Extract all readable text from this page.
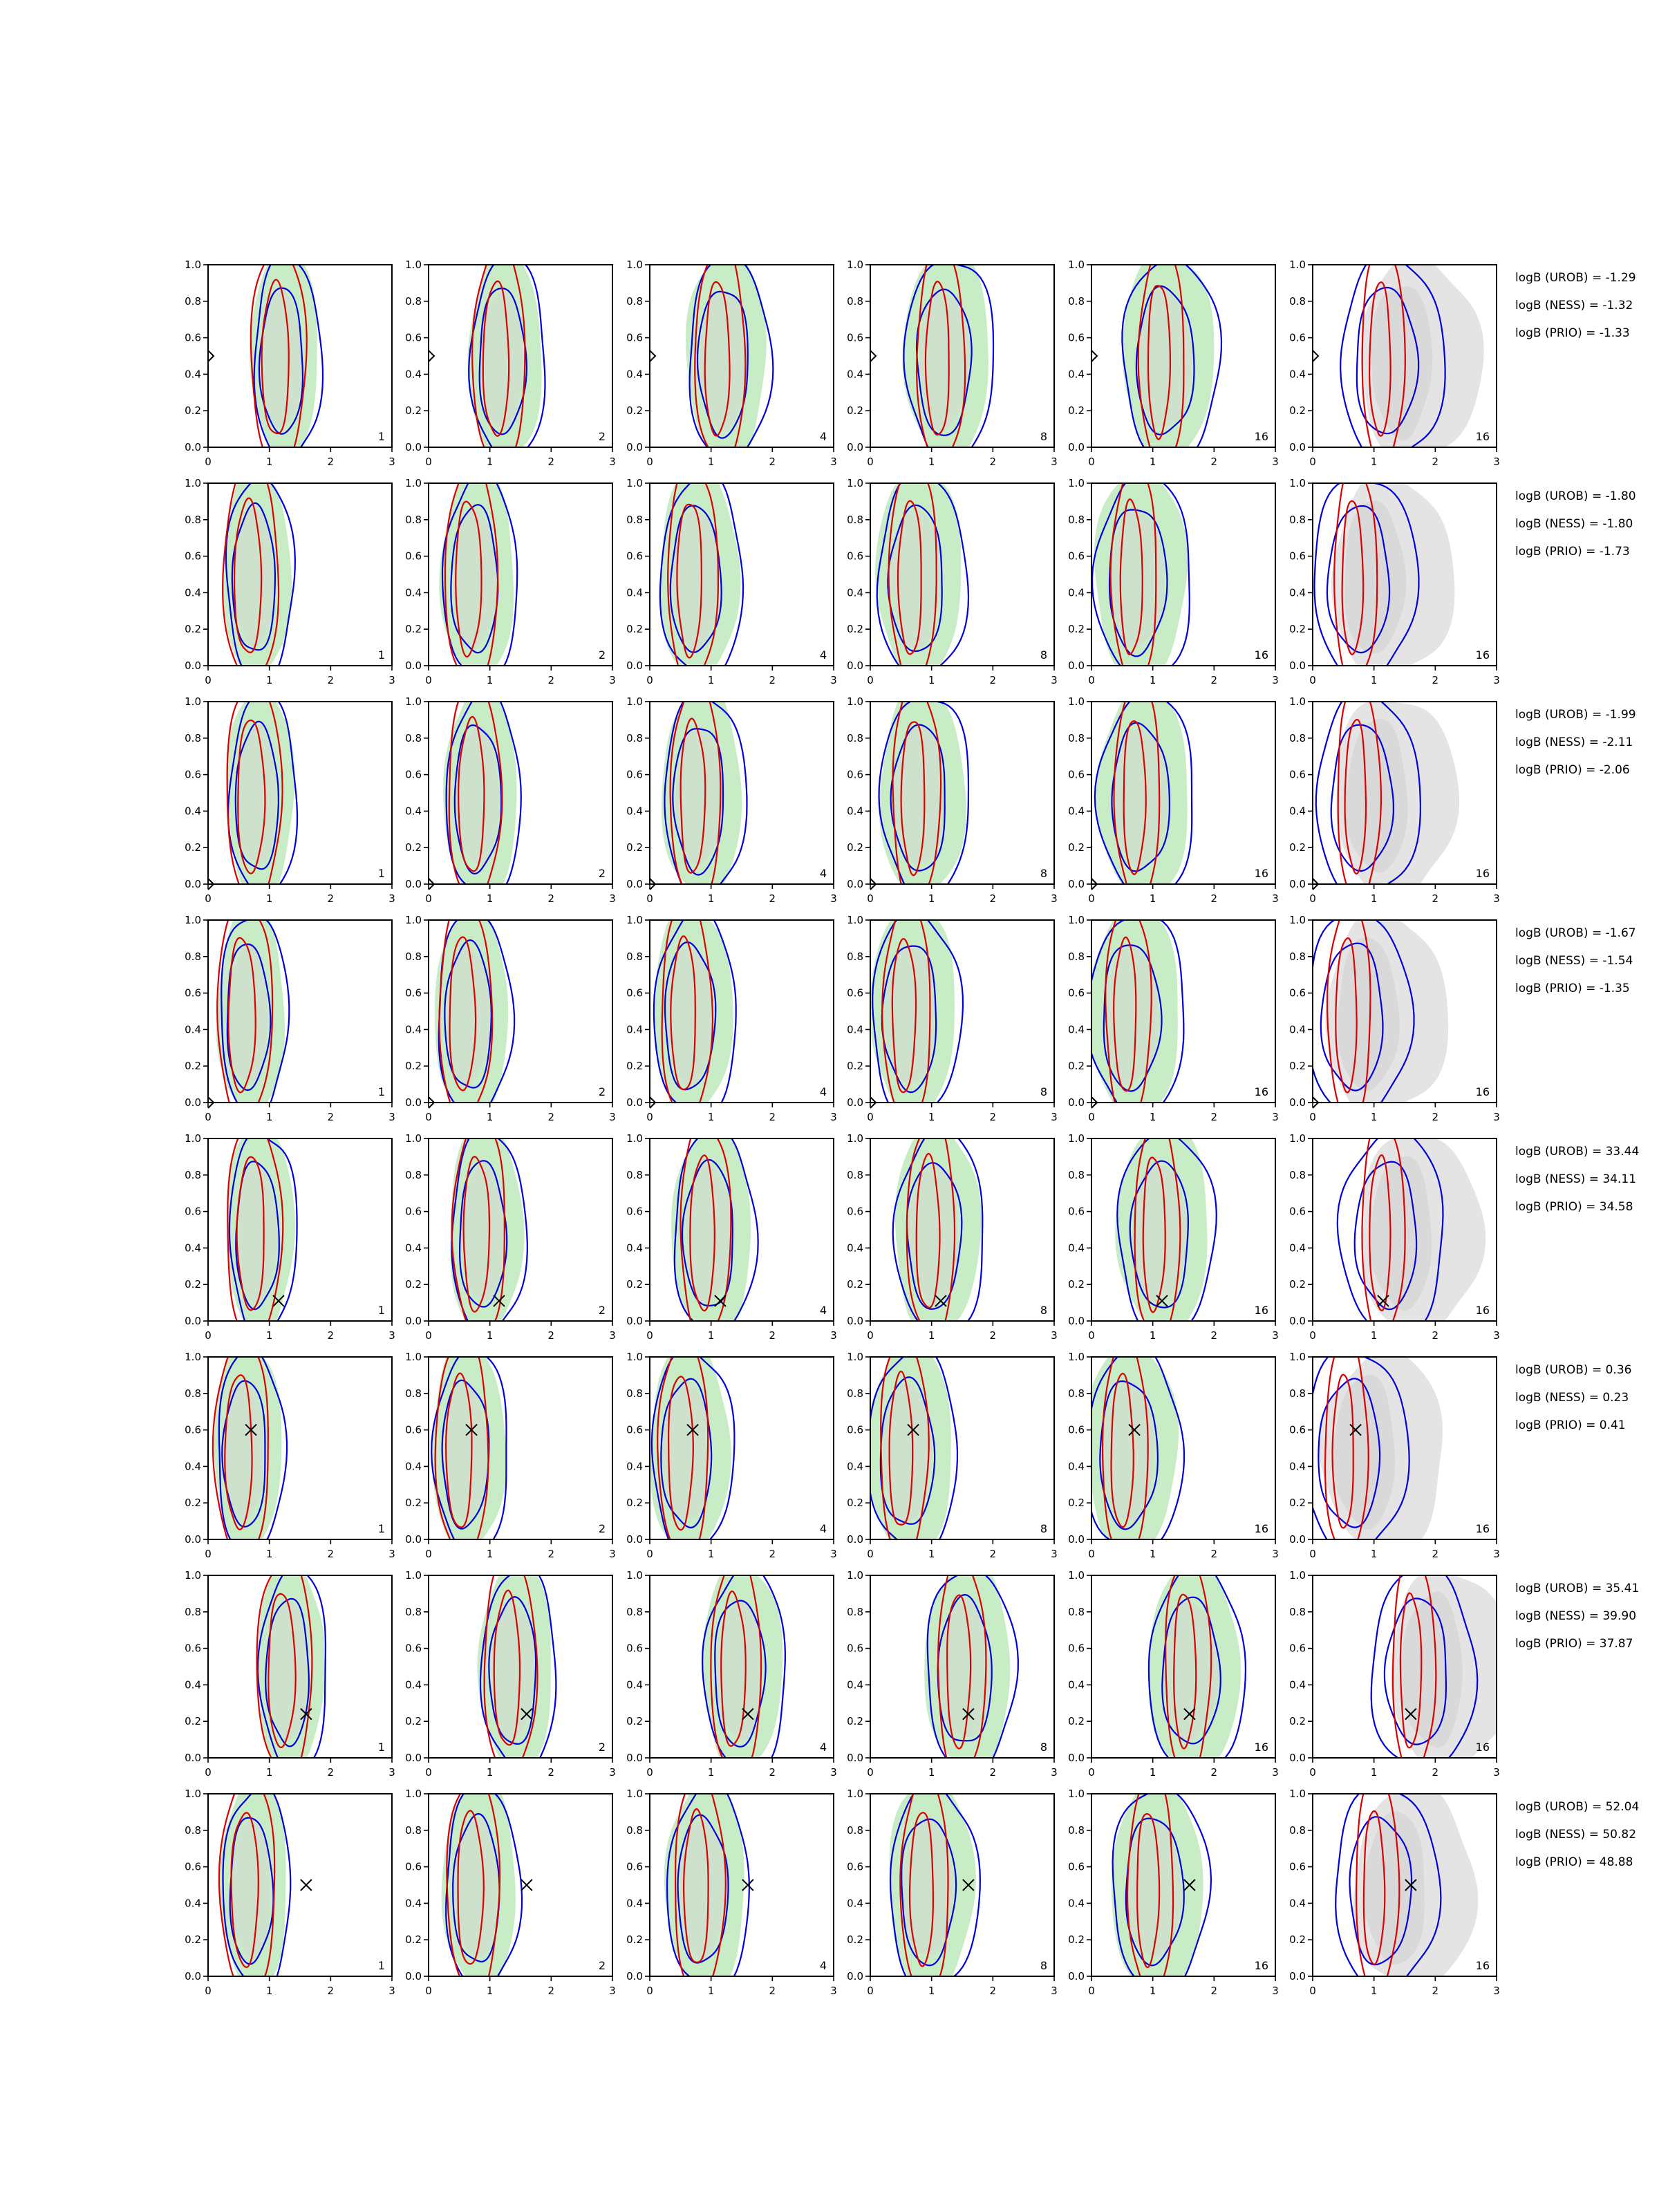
0	1	2	3
0.0
0.2
0.4
0.6
0.8
1.0
1
0	1	2	3
0.0
0.2
0.4
0.6
0.8
1.0
2
0	1	2	3
0.0
0.2
0.4
0.6
0.8
1.0
4
0	1	2	3
0.0
0.2
0.4
0.6
0.8
1.0
8
0	1	2	3
0.0
0.2
0.4
0.6
0.8
1.0
16
0	1	2	3
0.0
0.2
0.4
0.6
0.8
1.0
16
logB (UROB) = -1.29
logB (NESS) = -1.32
logB (PRIO) = -1.33
0	1	2	3
0.0
0.2
0.4
0.6
0.8
1.0
1
0	1	2	3
0.0
0.2
0.4
0.6
0.8
1.0
2
0	1	2	3
0.0
0.2
0.4
0.6
0.8
1.0
4
0	1	2	3
0.0
0.2
0.4
0.6
0.8
1.0
8
0	1	2	3
0.0
0.2
0.4
0.6
0.8
1.0
16
0	1	2	3
0.0
0.2
0.4
0.6
0.8
1.0
16
logB (UROB) = -1.80
logB (NESS) = -1.80
logB (PRIO) = -1.73
0	1	2	3
0.0
0.2
0.4
0.6
0.8
1.0
1
0	1	2	3
0.0
0.2
0.4
0.6
0.8
1.0
2
0	1	2	3
0.0
0.2
0.4
0.6
0.8
1.0
4
0	1	2	3
0.0
0.2
0.4
0.6
0.8
1.0
8
0	1	2	3
0.0
0.2
0.4
0.6
0.8
1.0
16
0	1	2	3
0.0
0.2
0.4
0.6
0.8
1.0
16
logB (UROB) = -1.99
logB (NESS) = -2.11
logB (PRIO) = -2.06
0	1	2	3
0.0
0.2
0.4
0.6
0.8
1.0
1
0	1	2	3
0.0
0.2
0.4
0.6
0.8
1.0
2
0	1	2	3
0.0
0.2
0.4
0.6
0.8
1.0
4
0	1	2	3
0.0
0.2
0.4
0.6
0.8
1.0
8
0	1	2	3
0.0
0.2
0.4
0.6
0.8
1.0
16
0	1	2	3
0.0
0.2
0.4
0.6
0.8
1.0
16
logB (UROB) = -1.67
logB (NESS) = -1.54
logB (PRIO) = -1.35
0	1	2	3
0.0
0.2
0.4
0.6
0.8
1.0
1
0	1	2	3
0.0
0.2
0.4
0.6
0.8
1.0
2
0	1	2	3
0.0
0.2
0.4
0.6
0.8
1.0
4
0	1	2	3
0.0
0.2
0.4
0.6
0.8
1.0
8
0	1	2	3
0.0
0.2
0.4
0.6
0.8
1.0
16
0	1	2	3
0.0
0.2
0.4
0.6
0.8
1.0
16
logB (UROB) = 33.44
logB (NESS) = 34.11
logB (PRIO) = 34.58
0	1	2	3
0.0
0.2
0.4
0.6
0.8
1.0
1
0	1	2	3
0.0
0.2
0.4
0.6
0.8
1.0
2
0	1	2	3
0.0
0.2
0.4
0.6
0.8
1.0
4
0	1	2	3
0.0
0.2
0.4
0.6
0.8
1.0
8
0	1	2	3
0.0
0.2
0.4
0.6
0.8
1.0
16
0	1	2	3
0.0
0.2
0.4
0.6
0.8
1.0
16
logB (UROB) = 0.36
logB (NESS) = 0.23
logB (PRIO) = 0.41
0	1	2	3
0.0
0.2
0.4
0.6
0.8
1.0
1
0	1	2	3
0.0
0.2
0.4
0.6
0.8
1.0
2
0	1	2	3
0.0
0.2
0.4
0.6
0.8
1.0
4
0	1	2	3
0.0
0.2
0.4
0.6
0.8
1.0
8
0	1	2	3
0.0
0.2
0.4
0.6
0.8
1.0
16
0	1	2	3
0.0
0.2
0.4
0.6
0.8
1.0
16
logB (UROB) = 35.41
logB (NESS) = 39.90
logB (PRIO) = 37.87
0	1	2	3
0.0
0.2
0.4
0.6
0.8
1.0
1
0	1	2	3
0.0
0.2
0.4
0.6
0.8
1.0
2
0	1	2	3
0.0
0.2
0.4
0.6
0.8
1.0
4
0	1	2	3
0.0
0.2
0.4
0.6
0.8
1.0
8
0	1	2	3
0.0
0.2
0.4
0.6
0.8
1.0
16
0	1	2	3
0.0
0.2
0.4
0.6
0.8
1.0
16
logB (UROB) = 52.04
logB (NESS) = 50.82
logB (PRIO) = 48.88
